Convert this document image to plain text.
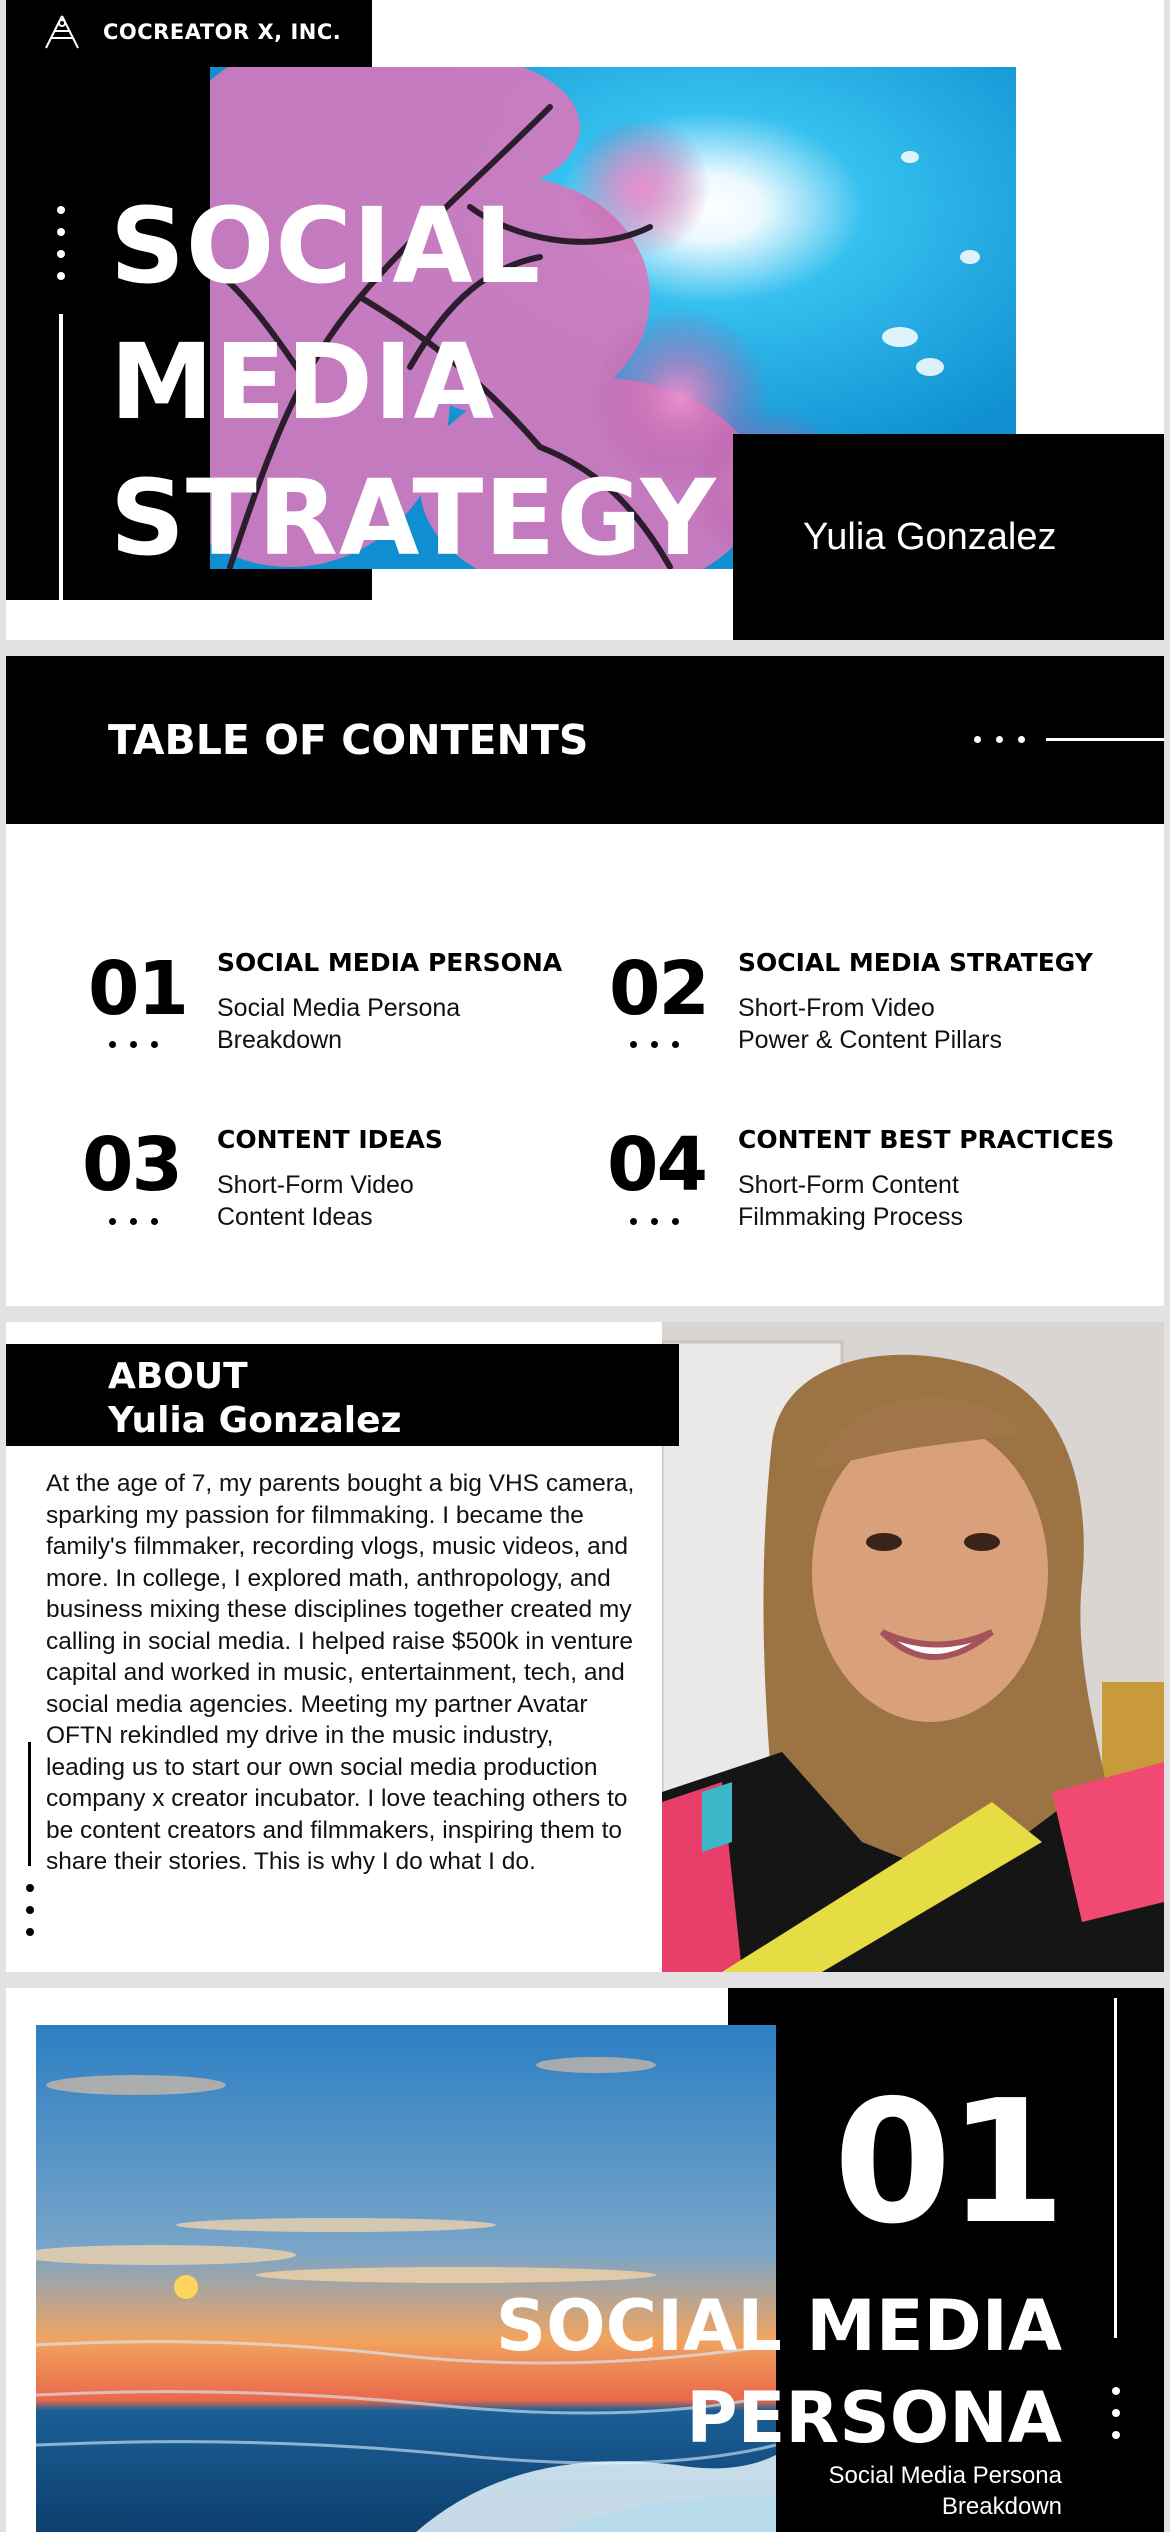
COCREATOR X, INC.
SOCIAL
MEDIA
STRATEGY Yulia Gonzalez
TABLE OF CONTENTS
01 SOCIAL MEDIA PERSONA
Social Media Persona
Breakdown
02 SOCIAL MEDIA STRATEGY
Short-From Video
Power & Content Pillars
03 CONTENT IDEAS
Short-Form Video
Content Ideas
04 CONTENT BEST PRACTICES
Short-Form Content
Filmmaking Process
ABOUT
Yulia Gonzalez
At the age of 7, my parents bought a big VHS camera, sparking my passion for filmmaking. I became the family's filmmaker, recording vlogs, music videos, and more. In college, I explored math, anthropology, and business mixing these disciplines together created my calling in social media. I helped raise $500k in venture capital and worked in music, entertainment, tech, and social media agencies. Meeting my partner Avatar OFTN rekindled my drive in the music industry, leading us to start our own social media production company x creator incubator. I love teaching others to be content creators and filmmakers, inspiring them to share their stories. This is why I do what I do.
01
SOCIAL MEDIA
PERSONA
Social Media Persona
Breakdown
